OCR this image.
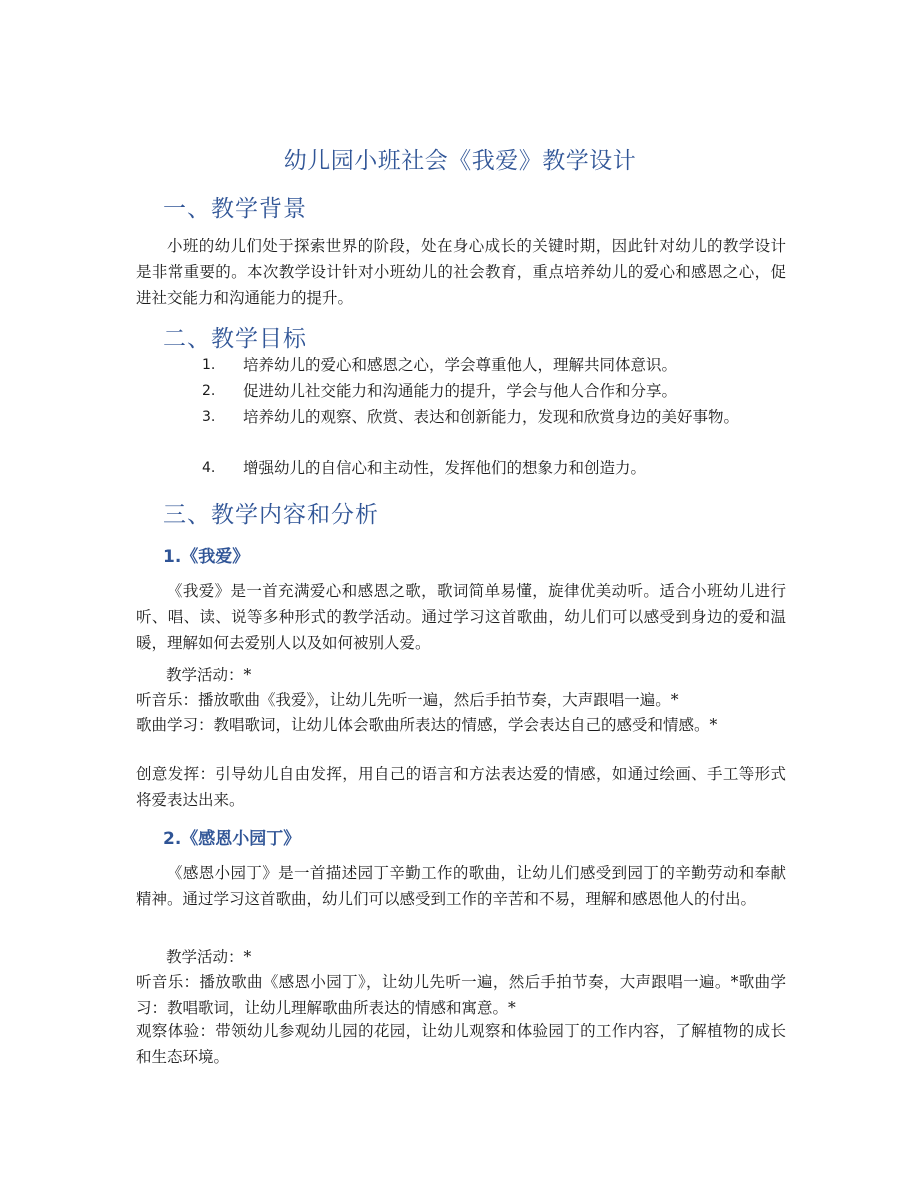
幼儿园小班社会《我爱》教学设计
一、教学背景

小班的幼儿们处于探索世界的阶段，处在身心成长的关键时期，因此针对幼儿的教学设计是非常重要的。本次教学设计针对小班幼儿的社会教育，重点培养幼儿的爱心和感恩之心，促进社交能力和沟通能力的提升。

二、教学目标
1.	培养幼儿的爱心和感恩之心，学会尊重他人，理解共同体意识。
2.	促进幼儿社交能力和沟通能力的提升，学会与他人合作和分享。
3.	培养幼儿的观察、欣赏、表达和创新能力，发现和欣赏身边的美好事物。
4.	增强幼儿的自信心和主动性，发挥他们的想象力和创造力。
三、教学内容和分析
1.《我爱》

《我爱》是一首充满爱心和感恩之歌，歌词简单易懂，旋律优美动听。适合小班幼儿进行听、唱、读、说等多种形式的教学活动。通过学习这首歌曲，幼儿们可以感受到身边的爱和温暖，理解如何去爱别人以及如何被别人爱。

教学活动：*

听音乐：播放歌曲《我爱》，让幼儿先听一遍，然后手拍节奏，大声跟唱一遍。*

歌曲学习：教唱歌词，让幼儿体会歌曲所表达的情感，学会表达自己的感受和情感。*

创意发挥：引导幼儿自由发挥，用自己的语言和方法表达爱的情感，如通过绘画、手工等形式将爱表达出来。

2.《感恩小园丁》

《感恩小园丁》是一首描述园丁辛勤工作的歌曲，让幼儿们感受到园丁的辛勤劳动和奉献精神。通过学习这首歌曲，幼儿们可以感受到工作的辛苦和不易，理解和感恩他人的付出。

教学活动：*

听音乐：播放歌曲《感恩小园丁》，让幼儿先听一遍，然后手拍节奏，大声跟唱一遍。*歌曲学习：教唱歌词，让幼儿理解歌曲所表达的情感和寓意。*

观察体验：带领幼儿参观幼儿园的花园，让幼儿观察和体验园丁的工作内容，了解植物的成长和生态环境。
